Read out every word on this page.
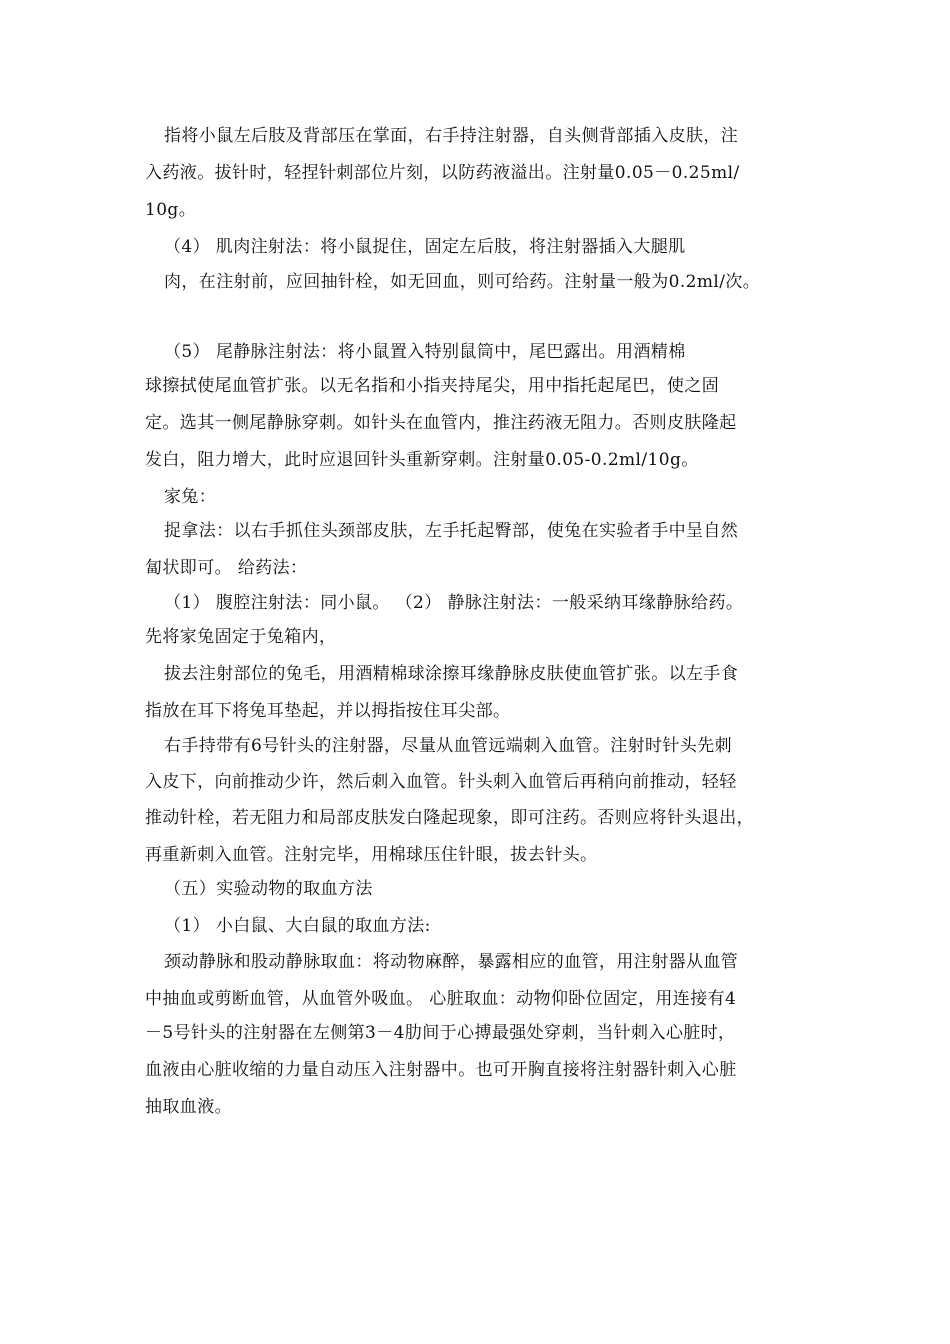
指将小鼠左后肢及背部压在掌面，右手持注射器，自头侧背部插入皮肤，注
入药液。拔针时，轻捏针刺部位片刻，以防药液溢出。注射量0.05－0.25ml/
10g。
（4） 肌肉注射法：将小鼠捉住，固定左后肢，将注射器插入大腿肌
肉，在注射前，应回抽针栓，如无回血，则可给药。注射量一般为0.2ml/次。
（5） 尾静脉注射法：将小鼠置入特别鼠筒中，尾巴露出。用酒精棉
球擦拭使尾血管扩张。以无名指和小指夹持尾尖，用中指托起尾巴，使之固
定。选其一侧尾静脉穿刺。如针头在血管内，推注药液无阻力。否则皮肤隆起
发白，阻力增大，此时应退回针头重新穿刺。注射量0.05-0.2ml/10g。
家兔：
捉拿法：以右手抓住头颈部皮肤，左手托起臀部，使兔在实验者手中呈自然
匐状即可。 给药法：
（1） 腹腔注射法：同小鼠。 （2） 静脉注射法：一般采纳耳缘静脉给药。
先将家兔固定于兔箱内，
拔去注射部位的兔毛，用酒精棉球涂擦耳缘静脉皮肤使血管扩张。以左手食
指放在耳下将兔耳垫起，并以拇指按住耳尖部。
右手持带有6号针头的注射器，尽量从血管远端刺入血管。注射时针头先刺
入皮下，向前推动少许，然后刺入血管。针头刺入血管后再稍向前推动，轻轻
推动针栓，若无阻力和局部皮肤发白隆起现象，即可注药。否则应将针头退出，
再重新刺入血管。注射完毕，用棉球压住针眼，拔去针头。
（五）实验动物的取血方法
（1） 小白鼠、大白鼠的取血方法:
颈动静脉和股动静脉取血：将动物麻醉，暴露相应的血管，用注射器从血管
中抽血或剪断血管，从血管外吸血。 心脏取血：动物仰卧位固定，用连接有4
－5号针头的注射器在左侧第3－4肋间于心搏最强处穿刺，当针刺入心脏时，
血液由心脏收缩的力量自动压入注射器中。也可开胸直接将注射器针刺入心脏
抽取血液。
